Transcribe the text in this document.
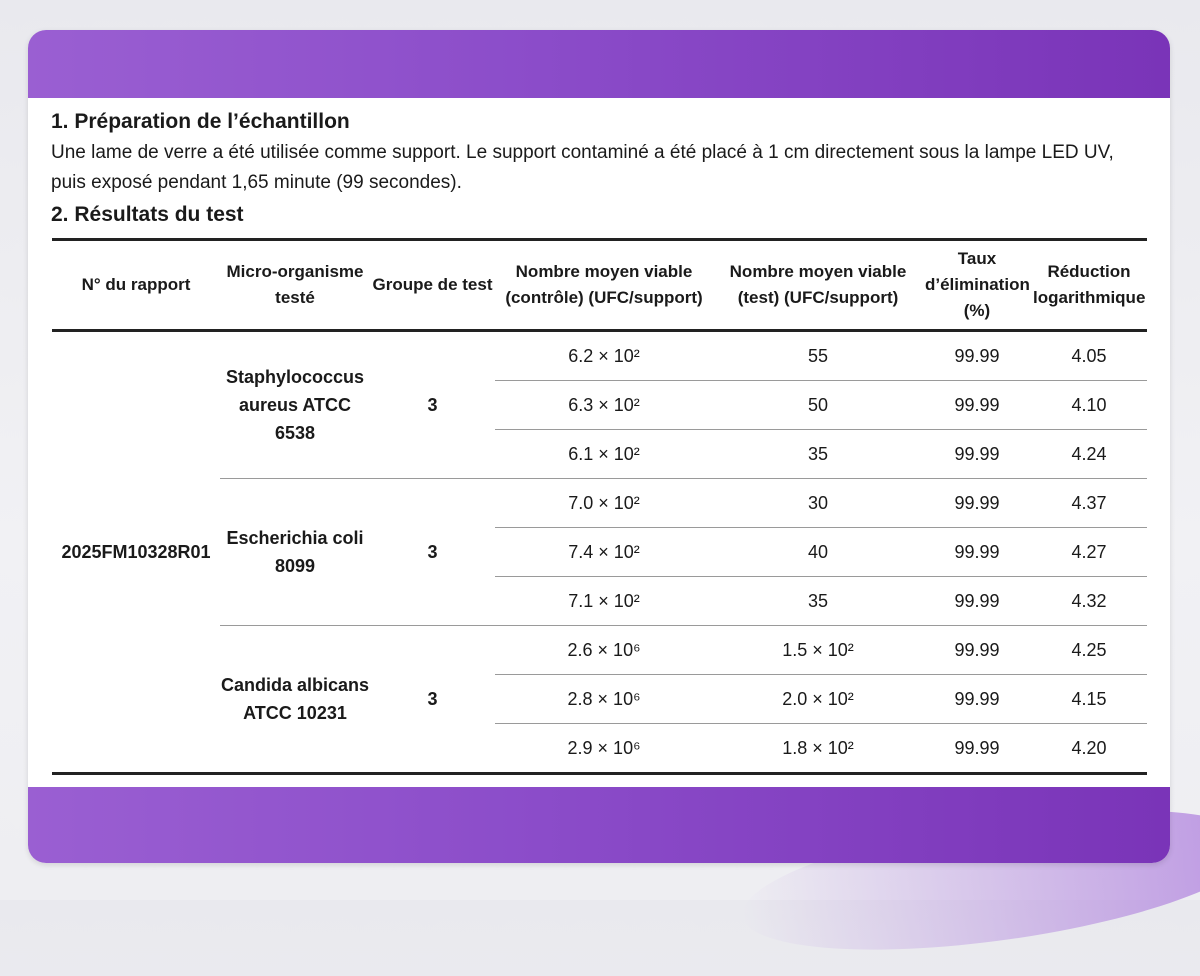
1. Préparation de l’échantillon

Une lame de verre a été utilisée comme support. Le support contaminé a été placé à 1 cm directement sous la lampe LED UV, puis exposé pendant 1,65 minute (99 secondes).

2. Résultats du test
N° du rapport	Micro-organisme testé	Groupe de test	Nombre moyen viable (contrôle) (UFC/support)	Nombre moyen viable (test) (UFC/support)	Taux d’élimination (%)	Réduction logarithmique
2025FM10328R01	Staphylococcus aureus ATCC 6538	3	6.2 × 10²	55	99.99	4.05
			6.3 × 10²	50	99.99	4.10
			6.1 × 10²	35	99.99	4.24
	Escherichia coli 8099	3	7.0 × 10²	30	99.99	4.37
			7.4 × 10²	40	99.99	4.27
			7.1 × 10²	35	99.99	4.32
	Candida albicans ATCC 10231	3	2.6 × 10⁶	1.5 × 10²	99.99	4.25
			2.8 × 10⁶	2.0 × 10²	99.99	4.15
			2.9 × 10⁶	1.8 × 10²	99.99	4.20
